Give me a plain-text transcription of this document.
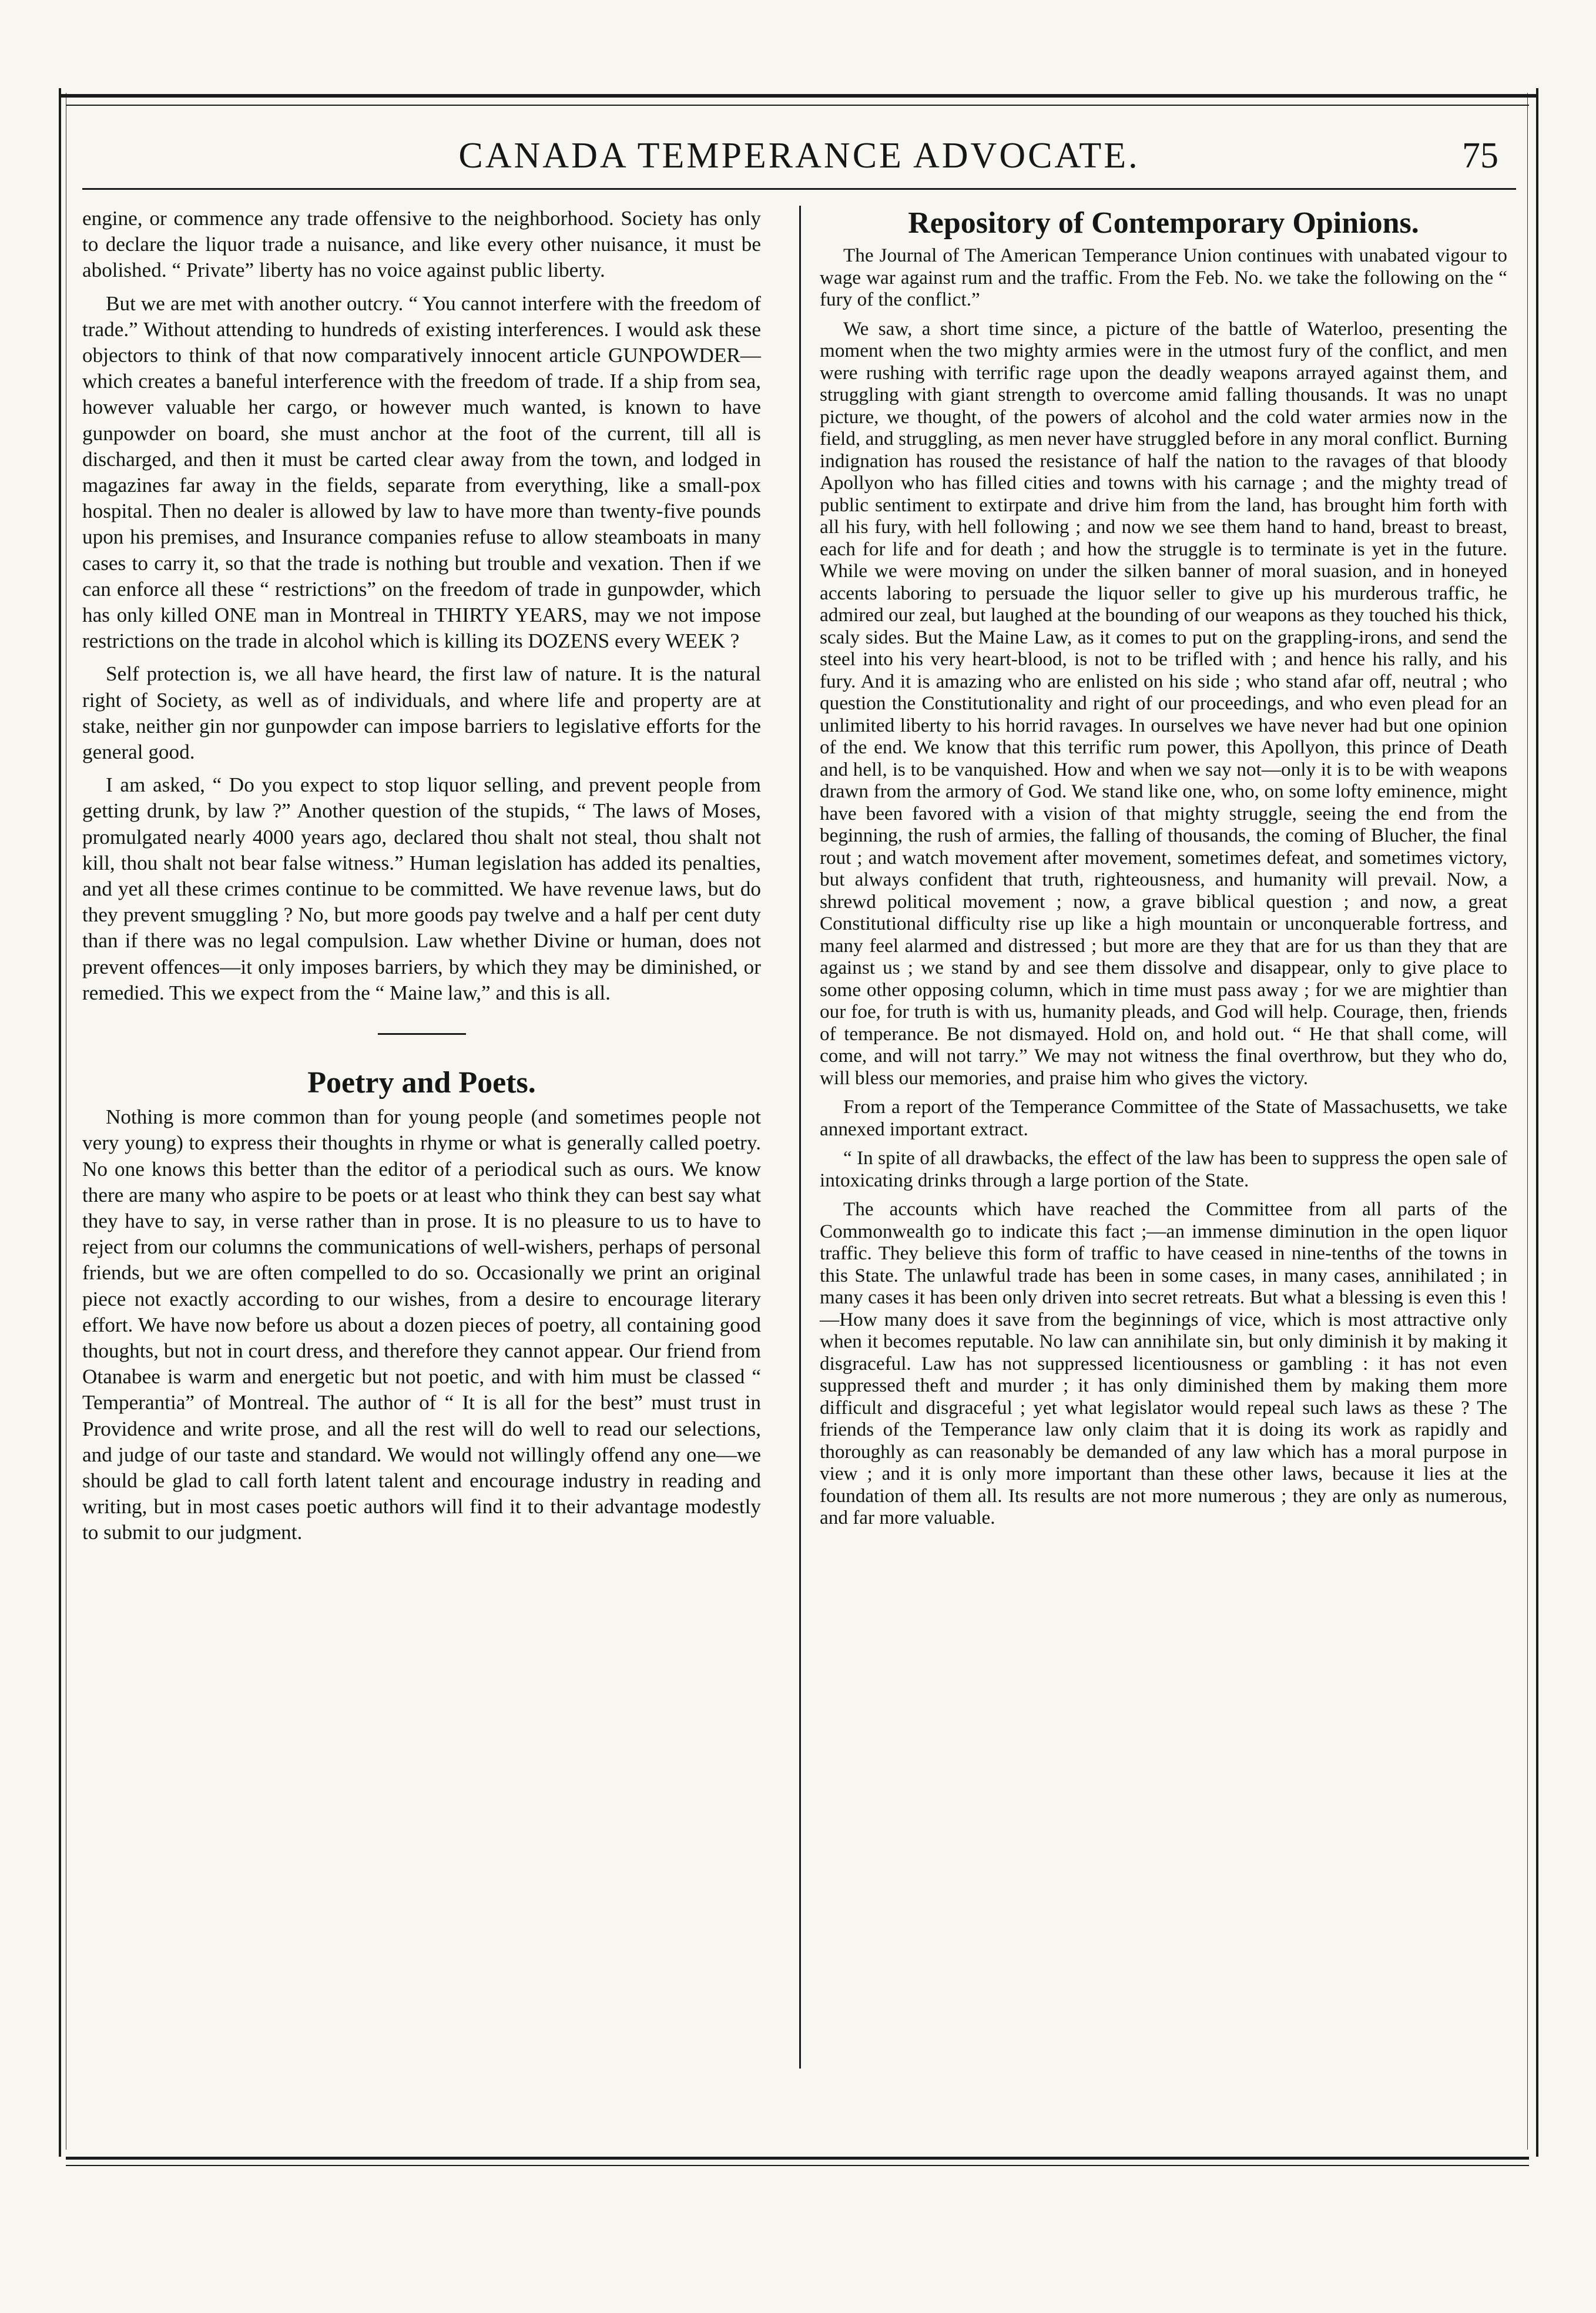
CANADA TEMPERANCE ADVOCATE.	75

engine, or commence any trade offensive to the neighborhood. Society has only to declare the liquor trade a nuisance, and like every other nuisance, it must be abolished. “ Private” liberty has no voice against public liberty.

But we are met with another outcry. “ You cannot interfere with the freedom of trade.” Without attending to hundreds of existing interferences. I would ask these objectors to think of that now comparatively innocent article GUNPOWDER—which creates a baneful interference with the freedom of trade. If a ship from sea, however valuable her cargo, or however much wanted, is known to have gunpowder on board, she must anchor at the foot of the current, till all is discharged, and then it must be carted clear away from the town, and lodged in magazines far away in the fields, separate from everything, like a small-pox hospital. Then no dealer is allowed by law to have more than twenty-five pounds upon his premises, and Insurance companies refuse to allow steamboats in many cases to carry it, so that the trade is nothing but trouble and vexation. Then if we can enforce all these “ restrictions” on the freedom of trade in gunpowder, which has only killed ONE man in Montreal in THIRTY YEARS, may we not impose restrictions on the trade in alcohol which is killing its DOZENS every WEEK ?

Self protection is, we all have heard, the first law of nature. It is the natural right of Society, as well as of individuals, and where life and property are at stake, neither gin nor gunpowder can impose barriers to legislative efforts for the general good.

I am asked, “ Do you expect to stop liquor selling, and prevent people from getting drunk, by law ?” Another question of the stupids, “ The laws of Moses, promulgated nearly 4000 years ago, declared thou shalt not steal, thou shalt not kill, thou shalt not bear false witness.” Human legislation has added its penalties, and yet all these crimes continue to be committed. We have revenue laws, but do they prevent smuggling ? No, but more goods pay twelve and a half per cent duty than if there was no legal compulsion. Law whether Divine or human, does not prevent offences—it only imposes barriers, by which they may be diminished, or remedied. This we expect from the “ Maine law,” and this is all.

Poetry and Poets.

Nothing is more common than for young people (and sometimes people not very young) to express their thoughts in rhyme or what is generally called poetry. No one knows this better than the editor of a periodical such as ours. We know there are many who aspire to be poets or at least who think they can best say what they have to say, in verse rather than in prose. It is no pleasure to us to have to reject from our columns the communications of well-wishers, perhaps of personal friends, but we are often compelled to do so. Occasionally we print an original piece not exactly according to our wishes, from a desire to encourage literary effort. We have now before us about a dozen pieces of poetry, all containing good thoughts, but not in court dress, and therefore they cannot appear. Our friend from Otanabee is warm and energetic but not poetic, and with him must be classed “ Temperantia” of Montreal. The author of “ It is all for the best” must trust in Providence and write prose, and all the rest will do well to read our selections, and judge of our taste and standard. We would not willingly offend any one—we should be glad to call forth latent talent and encourage industry in reading and writing, but in most cases poetic authors will find it to their advantage modestly to submit to our judgment.

Repository of Contemporary Opinions.

The Journal of The American Temperance Union continues with unabated vigour to wage war against rum and the traffic. From the Feb. No. we take the following on the “ fury of the conflict.”

We saw, a short time since, a picture of the battle of Waterloo, presenting the moment when the two mighty armies were in the utmost fury of the conflict, and men were rushing with terrific rage upon the deadly weapons arrayed against them, and struggling with giant strength to overcome amid falling thousands. It was no unapt picture, we thought, of the powers of alcohol and the cold water armies now in the field, and struggling, as men never have struggled before in any moral conflict. Burning indignation has roused the resistance of half the nation to the ravages of that bloody Apollyon who has filled cities and towns with his carnage ; and the mighty tread of public sentiment to extirpate and drive him from the land, has brought him forth with all his fury, with hell following ; and now we see them hand to hand, breast to breast, each for life and for death ; and how the struggle is to terminate is yet in the future. While we were moving on under the silken banner of moral suasion, and in honeyed accents laboring to persuade the liquor seller to give up his murderous traffic, he admired our zeal, but laughed at the bounding of our weapons as they touched his thick, scaly sides. But the Maine Law, as it comes to put on the grappling-irons, and send the steel into his very heart-blood, is not to be trifled with ; and hence his rally, and his fury. And it is amazing who are enlisted on his side ; who stand afar off, neutral ; who question the Constitutionality and right of our proceedings, and who even plead for an unlimited liberty to his horrid ravages. In ourselves we have never had but one opinion of the end. We know that this terrific rum power, this Apollyon, this prince of Death and hell, is to be vanquished. How and when we say not—only it is to be with weapons drawn from the armory of God. We stand like one, who, on some lofty eminence, might have been favored with a vision of that mighty struggle, seeing the end from the beginning, the rush of armies, the falling of thousands, the coming of Blucher, the final rout ; and watch movement after movement, sometimes defeat, and sometimes victory, but always confident that truth, righteousness, and humanity will prevail. Now, a shrewd political movement ; now, a grave biblical question ; and now, a great Constitutional difficulty rise up like a high mountain or unconquerable fortress, and many feel alarmed and distressed ; but more are they that are for us than they that are against us ; we stand by and see them dissolve and disappear, only to give place to some other opposing column, which in time must pass away ; for we are mightier than our foe, for truth is with us, humanity pleads, and God will help. Courage, then, friends of temperance. Be not dismayed. Hold on, and hold out. “ He that shall come, will come, and will not tarry.” We may not witness the final overthrow, but they who do, will bless our memories, and praise him who gives the victory.

From a report of the Temperance Committee of the State of Massachusetts, we take annexed important extract.

“ In spite of all drawbacks, the effect of the law has been to suppress the open sale of intoxicating drinks through a large portion of the State.

The accounts which have reached the Committee from all parts of the Commonwealth go to indicate this fact ;—an immense diminution in the open liquor traffic. They believe this form of traffic to have ceased in nine-tenths of the towns in this State. The unlawful trade has been in some cases, in many cases, annihilated ; in many cases it has been only driven into secret retreats. But what a blessing is even this !—How many does it save from the beginnings of vice, which is most attractive only when it becomes reputable. No law can annihilate sin, but only diminish it by making it disgraceful. Law has not suppressed licentiousness or gambling : it has not even suppressed theft and murder ; it has only diminished them by making them more difficult and disgraceful ; yet what legislator would repeal such laws as these ? The friends of the Temperance law only claim that it is doing its work as rapidly and thoroughly as can reasonably be demanded of any law which has a moral purpose in view ; and it is only more important than these other laws, because it lies at the foundation of them all. Its results are not more numerous ; they are only as numerous, and far more valuable.
